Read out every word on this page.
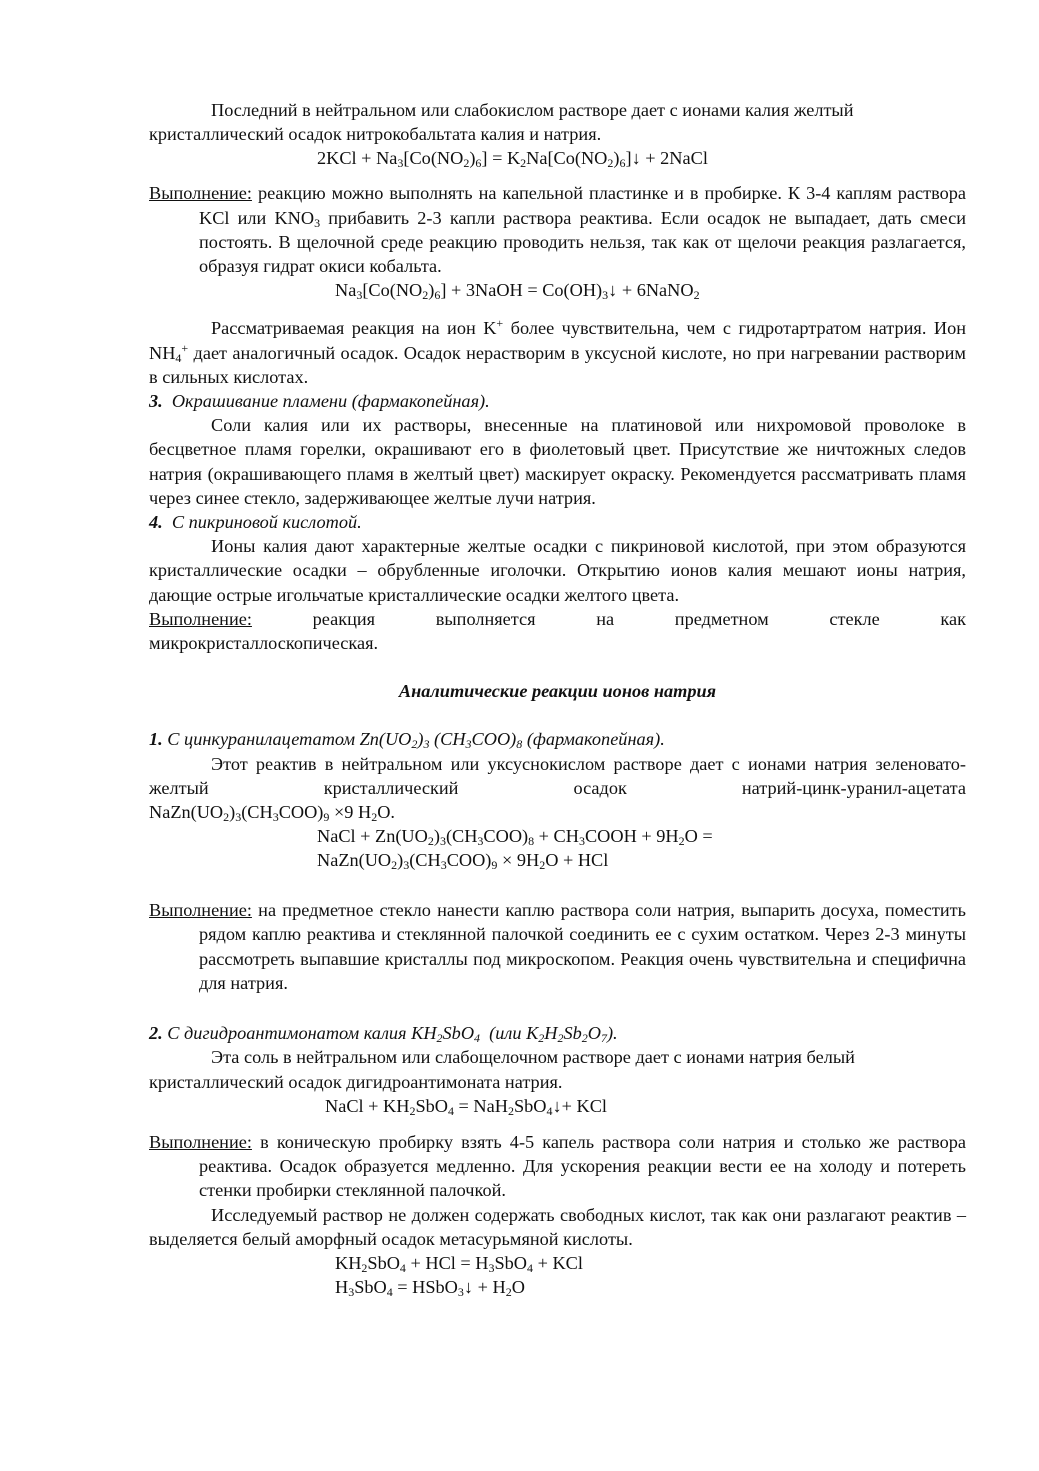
Последний в нейтральном или слабокислом растворе дает с ионами калия желтый

кристаллический осадок нитрокобальтата калия и натрия.

$2KCl + Na_3[Co(NO_2)_6]$ = $K_2Na[Co(NO_2)_6]↓$ + 2NaCl

Выполнение: реакцию можно выполнять на капельной пластинке и в пробирке. К 3-4 каплям раствора KCl или $KNO_3$ прибавить 2-3 капли раствора реактива. Если осадок не выпадает, дать смеси постоять. В щелочной среде реакцию проводить нельзя, так как от щелочи реакция разлагается, образуя гидрат окиси кобальта.

$Na_3[Co(NO_2)_6]$ + 3NaOH = $Co(OH)_3↓$ + 6NaNO$_2$

Рассматриваемая реакция на ион K+ более чувствительна, чем с гидротартратом натрия. Ион $NH_4^+$ дает аналогичный осадок. Осадок нерастворим в уксусной кислоте, но при нагревании растворим в сильных кислотах.

3. Окрашивание пламени (фармакопейная).

Соли калия или их растворы, внесенные на платиновой или нихромовой проволоке в бесцветное пламя горелки, окрашивают его в фиолетовый цвет. Присутствие же ничтожных следов натрия (окрашивающего пламя в желтый цвет) маскирует окраску. Рекомендуется рассматривать пламя через синее стекло, задерживающее желтые лучи натрия.

4. С пикриновой кислотой.

Ионы калия дают характерные желтые осадки с пикриновой кислотой, при этом образуются кристаллические осадки – обрубленные иголочки. Открытию ионов калия мешают ионы натрия, дающие острые игольчатые кристаллические осадки желтого цвета.

Выполнение:	реакция выполняется на предметном стекле как

микрокристаллоскопическая.

Аналитические реакции ионов натрия

1. С цинкуранилацетатом $Zn(UO_2)_3$ $(CH_3COO)_8$ (фармакопейная).

Этот реактив в нейтральном или уксуснокислом растворе дает с ионами натрия зеленовато-желтый кристаллический осадок натрий-цинк-уранил-ацетата

$NaZn(UO_2)_3(CH_3COO)_9 \times 9$ $H_2O$.

NaCl + $Zn(UO_2)_3(CH_3COO)_8$ + $CH_3COOH + 9H_2O$ =

$NaZn(UO_2)_3(CH_3COO)_9 \times 9H_2O$ + HCl

Выполнение: на предметное стекло нанести каплю раствора соли натрия, выпарить досуха, поместить рядом каплю реактива и стеклянной палочкой соединить ее с сухим остатком. Через 2-3 минуты рассмотреть выпавшие кристаллы под микроскопом. Реакция очень чувствительна и специфична для натрия.

2. С дигидроантимонатом калия $KH_2SbO_4$ (или $K_2H_2Sb_2O_7$).

Эта соль в нейтральном или слабощелочном растворе дает с ионами натрия белый

кристаллический осадок дигидроантимоната натрия.

NaCl + $KH_2SbO_4$ = NaH$_2$SbO$_4$↓+ KCl

Выполнение: в коническую пробирку взять 4-5 капель раствора соли натрия и столько же раствора реактива. Осадок образуется медленно. Для ускорения реакции вести ее на холоду и потереть стенки пробирки стеклянной палочкой.

Исследуемый раствор не должен содержать свободных кислот, так как они разлагают реактив – выделяется белый аморфный осадок метасурьмяной кислоты.

$KH_2SbO_4$ + HCl = $H_3SbO_4$ + KCl

$H_3SbO_4$ = HSbO$_3$↓ + $H_2O$
